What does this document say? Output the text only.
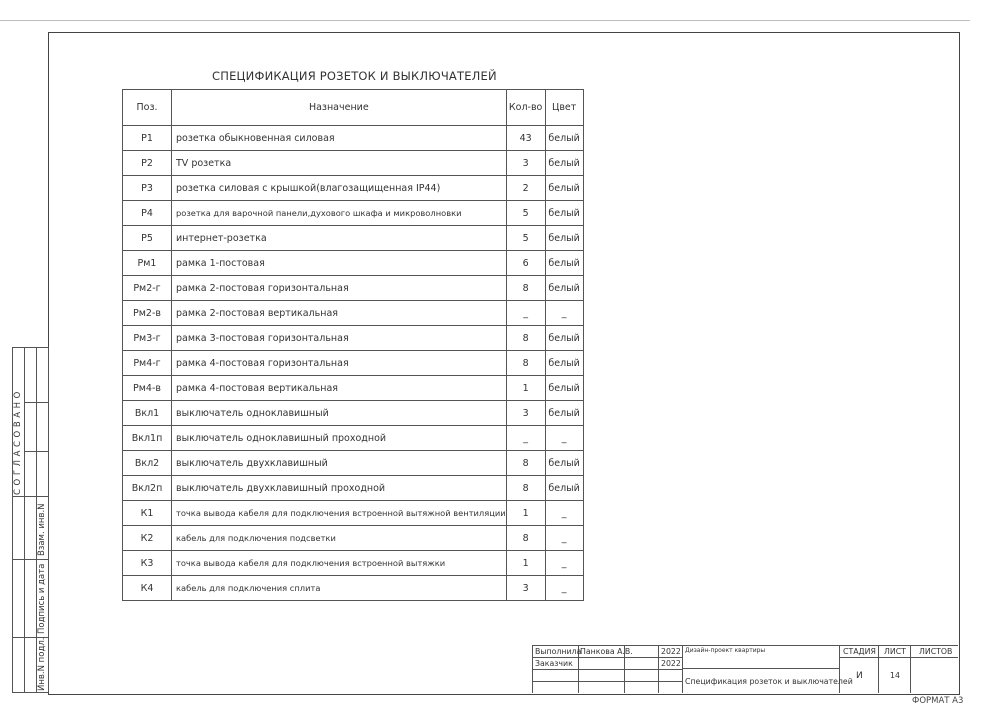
СПЕЦИФИКАЦИЯ РОЗЕТОК И ВЫКЛЮЧАТЕЛЕЙ
Поз.	Назначение	Кол-во	Цвет
Р1	розетка обыкновенная силовая	43	белый
Р2	TV розетка	3	белый
Р3	розетка силовая с крышкой(влагозащищенная IP44)	2	белый
Р4	розетка для варочной панели,духового шкафа и микроволновки	5	белый
Р5	интернет-розетка	5	белый
Рм1	рамка 1-постовая	6	белый
Рм2-г	рамка 2-постовая горизонтальная	8	белый
Рм2-в	рамка 2-постовая вертикальная	_	_
Рм3-г	рамка 3-постовая горизонтальная	8	белый
Рм4-г	рамка 4-постовая горизонтальная	8	белый
Рм4-в	рамка 4-постовая вертикальная	1	белый
Вкл1	выключатель одноклавишный	3	белый
Вкл1п	выключатель одноклавишный проходной	_	_
Вкл2	выключатель двухклавишный	8	белый
Вкл2п	выключатель двухклавишный проходной	8	белый
К1	точка вывода кабеля для подключения встроенной вытяжной вентиляции	1	_
К2	кабель для подключения подсветки	8	_
К3	точка вывода кабеля для подключения встроенной вытяжки	1	_
К4	кабель для подключения сплита	3	_
СОГЛАСОВАНО
Взам. инв.N
Подпись и дата
Инв.N подл.	Выполнила
Панкова А.В.	2022
Заказчик	2022
Дизайн-проект квартиры
Спецификация розеток и выключателей
СТАДИЯ ЛИСТ ЛИСТОВ
И	14
ФОРМАТ А3
